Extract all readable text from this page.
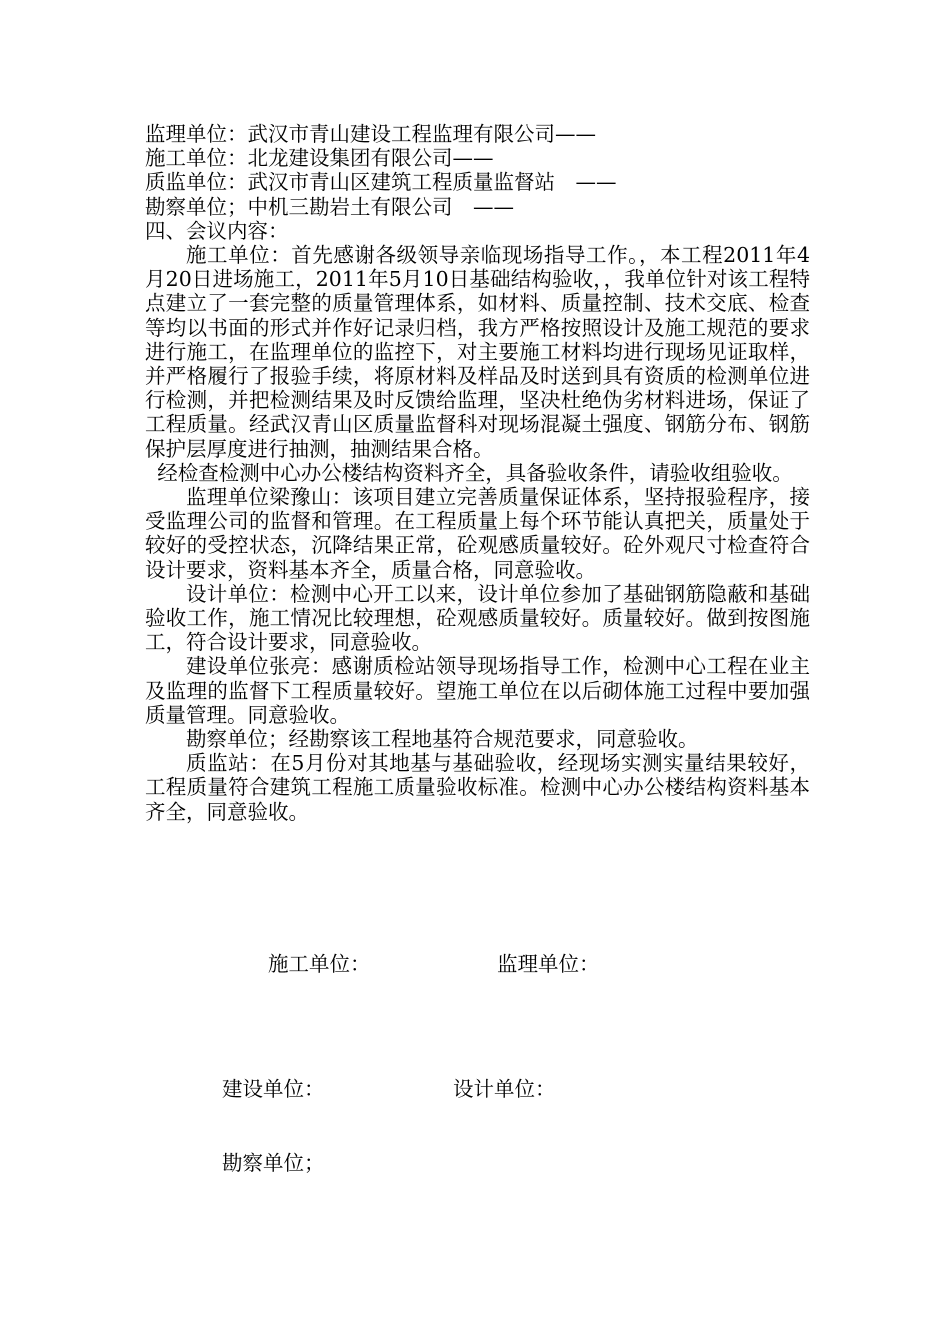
监理单位：武汉市青山建设工程监理有限公司——
施工单位：北龙建设集团有限公司——
质监单位：武汉市青山区建筑工程质量监督站　——
勘察单位；中机三勘岩土有限公司　——
四、会议内容：

施工单位：首先感谢各级领导亲临现场指导工作。，本工程2011年4月20日进场施工，2011年5月10日基础结构验收，，我单位针对该工程特点建立了一套完整的质量管理体系，如材料、质量控制、技术交底、检查等均以书面的形式并作好记录归档，我方严格按照设计及施工规范的要求进行施工，在监理单位的监控下，对主要施工材料均进行现场见证取样，并严格履行了报验手续，将原材料及样品及时送到具有资质的检测单位进行检测，并把检测结果及时反馈给监理，坚决杜绝伪劣材料进场，保证了工程质量。经武汉青山区质量监督科对现场混凝土强度、钢筋分布、钢筋保护层厚度进行抽测，抽测结果合格。

经检查检测中心办公楼结构资料齐全，具备验收条件，请验收组验收。

监理单位梁豫山：该项目建立完善质量保证体系，坚持报验程序，接受监理公司的监督和管理。在工程质量上每个环节能认真把关，质量处于较好的受控状态，沉降结果正常，砼观感质量较好。砼外观尺寸检查符合设计要求，资料基本齐全，质量合格，同意验收。

设计单位：检测中心开工以来，设计单位参加了基础钢筋隐蔽和基础验收工作，施工情况比较理想，砼观感质量较好。质量较好。做到按图施工，符合设计要求，同意验收。

建设单位张亮：感谢质检站领导现场指导工作，检测中心工程在业主及监理的监督下工程质量较好。望施工单位在以后砌体施工过程中要加强质量管理。同意验收。

勘察单位；经勘察该工程地基符合规范要求，同意验收。

质监站：在5月份对其地基与基础验收，经现场实测实量结果较好，工程质量符合建筑工程施工质量验收标准。检测中心办公楼结构资料基本齐全，同意验收。

施工单位：	监理单位：
建设单位：	设计单位：
勘察单位；
